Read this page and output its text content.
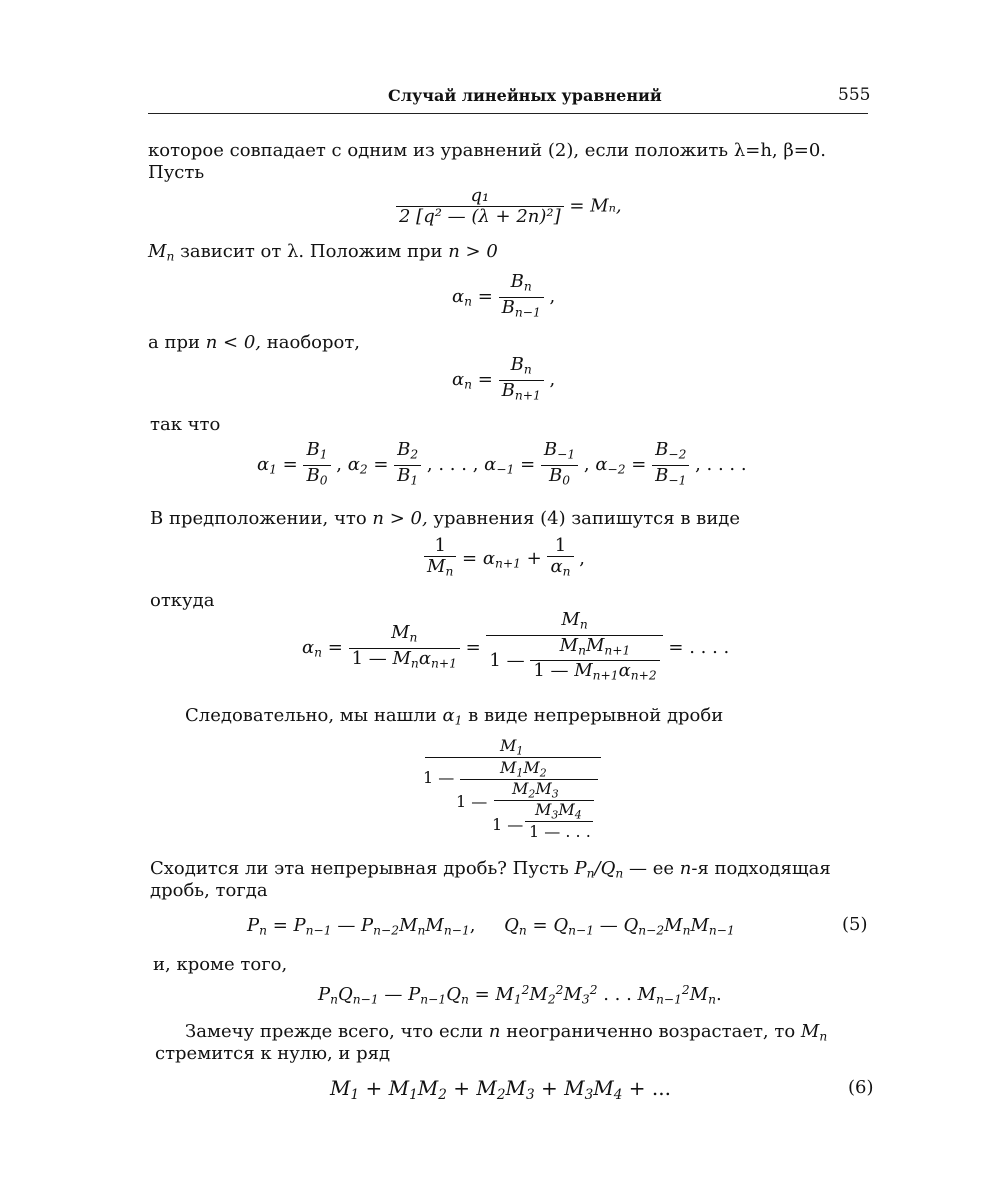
Случай линейных уравнений	555
которое совпадает с одним из уравнений (2), если положить λ=h, β=0.
Пусть
$\frac{\text{q₁}}{\text{2 [q² — (λ + 2n)²]}} = M_n$,
$M_n$ зависит от λ. Положим при n > 0
$\alpha_n = \frac{B_n}{B_{n-1}}$ ,
а при n < 0, наоборот,
$\alpha_n = \frac{B_n}{B_{n+1}}$ ,
так что
$\alpha_1 = \frac{B_1}{B_0}$ , $\alpha_2 = \frac{B_2}{B_1}$ , . . . , $\alpha_{-1} = \frac{B_{-1}}{B_0}$ , $\alpha_{-2} = \frac{B_{-2}}{B_{-1}}$ , . . . .
В предположении, что n > 0, уравнения (4) запишутся в виде
$\frac{1}{M_n} = \alpha_{n+1} + \frac{1}{\alpha_n}$ ,
откуда
$\alpha_n = \frac{M_n}{1 — M_n\alpha_{n+1}} = \frac{M_n}{1 — \frac{M_nM_{n+1}}{1 — M_{n+1}\alpha_{n+2}}}$ = . . . .
Следовательно, мы нашли $\alpha_1$ в виде непрерывной дроби
$M_1$
1 —
$M_1M_2$
1 —
$M_2M_3$
1 —
$M_3M_4$
1 — . . .
Сходится ли эта непрерывная дробь? Пусть $P_n/Q_n$ — ее n-я подходящая
дробь, тогда
$P_n = P_{n-1}$ — $P_{n-2}M_nM_{n-1}$,     $Q_n = Q_{n-1}$ — $Q_{n-2}M_nM_{n-1}$	(5)
и, кроме того,
$P_nQ_{n-1}$ — $P_{n-1}Q_n = M_1^2M_2^2M_3^2$ . . . $M_{n-1}^2M_n$.
Замечу прежде всего, что если n неограниченно возрастает, то $M_n$
стремится к нулю, и ряд
$M_1 + M_1M_2 + M_2M_3 + M_3M_4$ + ...	(6)
